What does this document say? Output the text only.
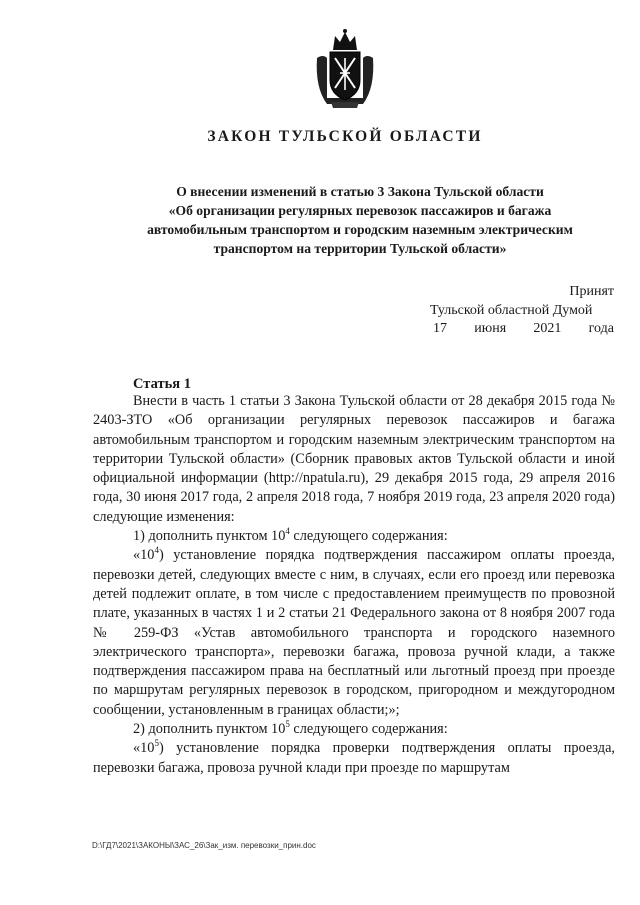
ЗАКОН ТУЛЬСКОЙ ОБЛАСТИ
О внесении изменений в статью 3 Закона Тульской области
«Об организации регулярных перевозок пассажиров и багажа
автомобильным транспортом и городским наземным электрическим
транспортом на территории Тульской области»
Принят
Тульской областной Думой
17 июня 2021 года
Статья 1

Внести в часть 1 статьи 3 Закона Тульской области от 28 декабря 2015 года № 2403-ЗТО «Об организации регулярных перевозок пассажиров и багажа автомобильным транспортом и городским наземным электрическим транспортом на территории Тульской области» (Сборник правовых актов Тульской области и иной официальной информации (http://npatula.ru), 29 декабря 2015 года, 29 апреля 2016 года, 30 июня 2017 года, 2 апреля 2018 года, 7 ноября 2019 года, 23 апреля 2020 года) следующие изменения:

1) дополнить пунктом $10^4$ следующего содержания:

«$10^4$) установление порядка подтверждения пассажиром оплаты проезда, перевозки детей, следующих вместе с ним, в случаях, если его проезд или перевозка детей подлежит оплате, в том числе с предоставлением преимуществ по провозной плате, указанных в частях 1 и 2 статьи 21 Федерального закона от 8 ноября 2007 года № 259-ФЗ «Устав автомобильного транспорта и городского наземного электрического транспорта», перевозки багажа, провоза ручной клади, а также подтверждения пассажиром права на бесплатный или льготный проезд при проезде по маршрутам регулярных перевозок в городском, пригородном и междугородном сообщении, установленным в границах области;»;

2) дополнить пунктом $10^5$ следующего содержания:

«$10^5$) установление порядка проверки подтверждения оплаты проезда, перевозки багажа, провоза ручной клади при проезде по маршрутам

D:\ГД7\2021\ЗАКОНЫ\ЗАС_26\Зак_изм. перевозки_прин.doc
